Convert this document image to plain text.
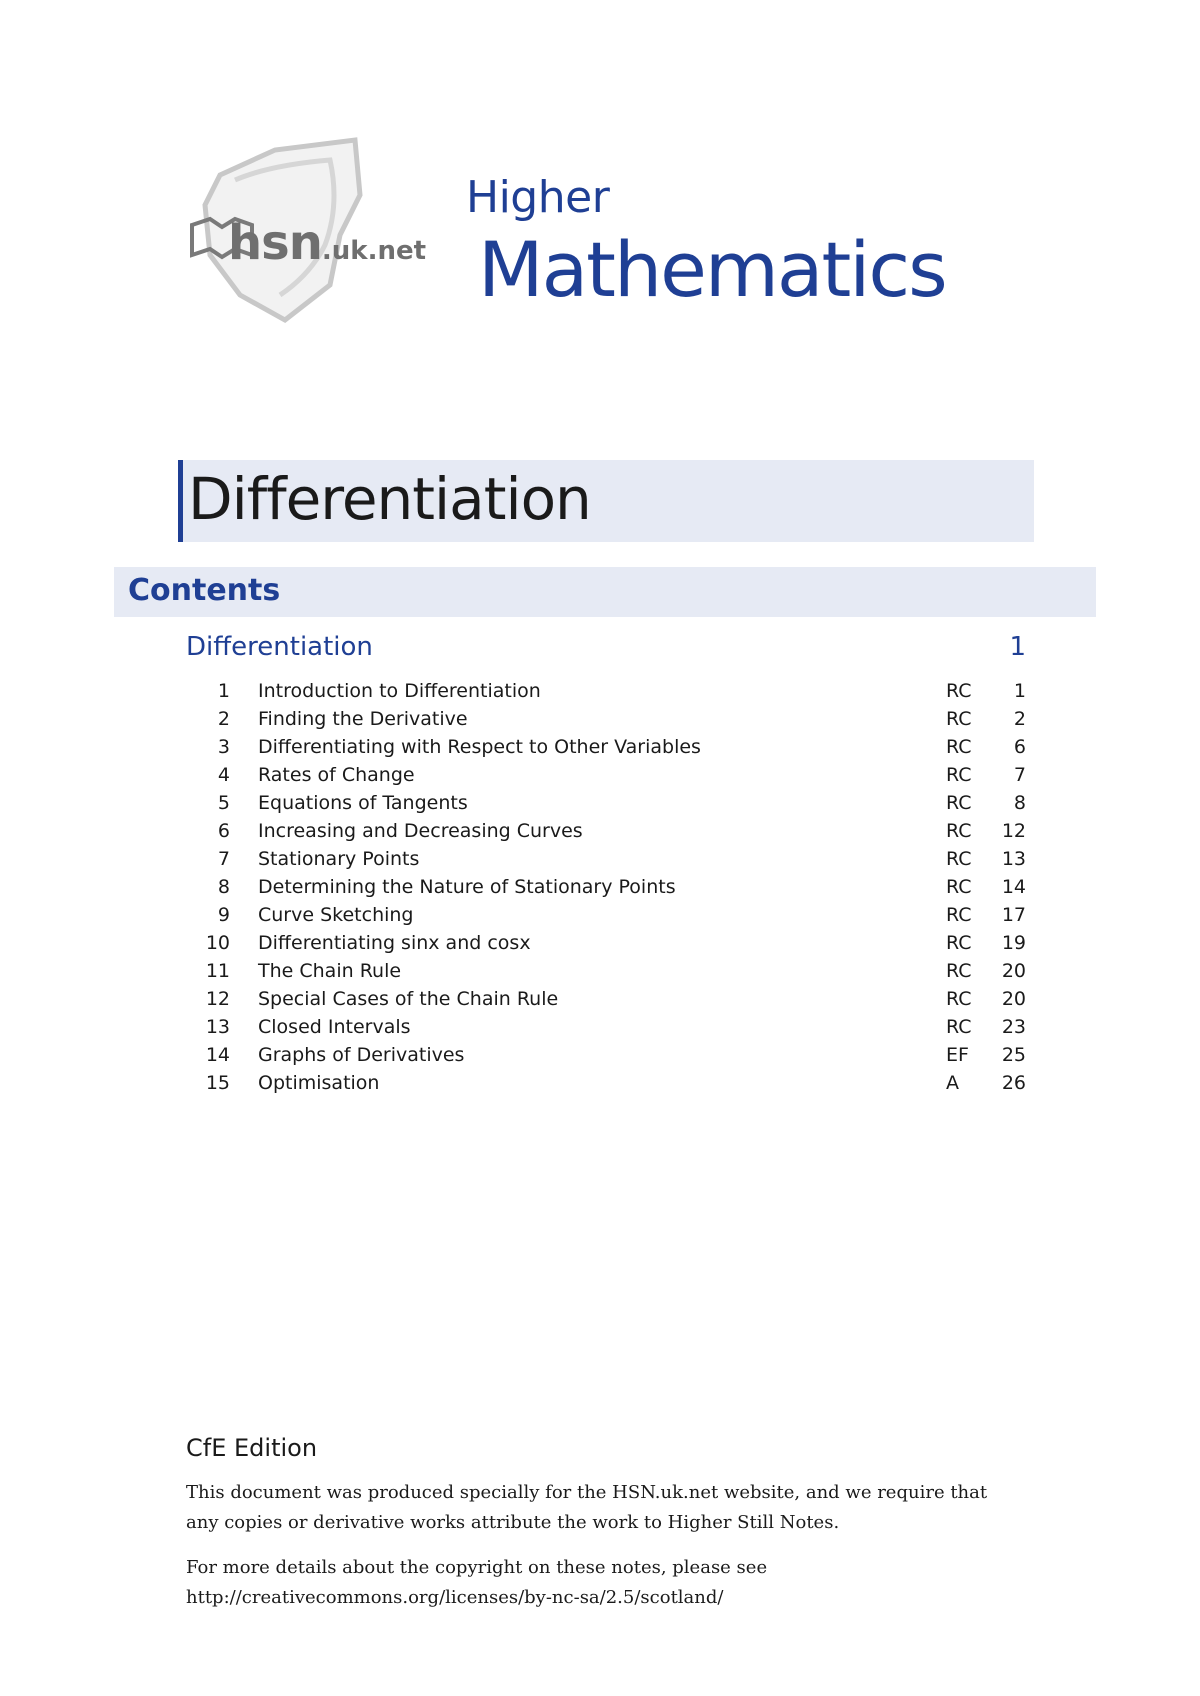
hsn.uk.net
Higher
Mathematics
Differentiation
Contents
Differentiation	1
1 Introduction to Differentiation	RC 1
2 Finding the Derivative	RC 2
3 Differentiating with Respect to Other Variables	RC 6
4 Rates of Change	RC 7
5 Equations of Tangents	RC 8
6 Increasing and Decreasing Curves	RC 12
7 Stationary Points	RC 13
8 Determining the Nature of Stationary Points	RC 14
9 Curve Sketching	RC 17
10 Differentiating sinx and cosx	RC 19
11 The Chain Rule	RC 20
12 Special Cases of the Chain Rule	RC 20
13 Closed Intervals	RC 23
14 Graphs of Derivatives	EF 25
15 Optimisation	A 26
CfE Edition
This document was produced specially for the HSN.uk.net website, and we require that any copies or derivative works attribute the work to Higher Still Notes.
For more details about the copyright on these notes, please see
http://creativecommons.org/licenses/by-nc-sa/2.5/scotland/
